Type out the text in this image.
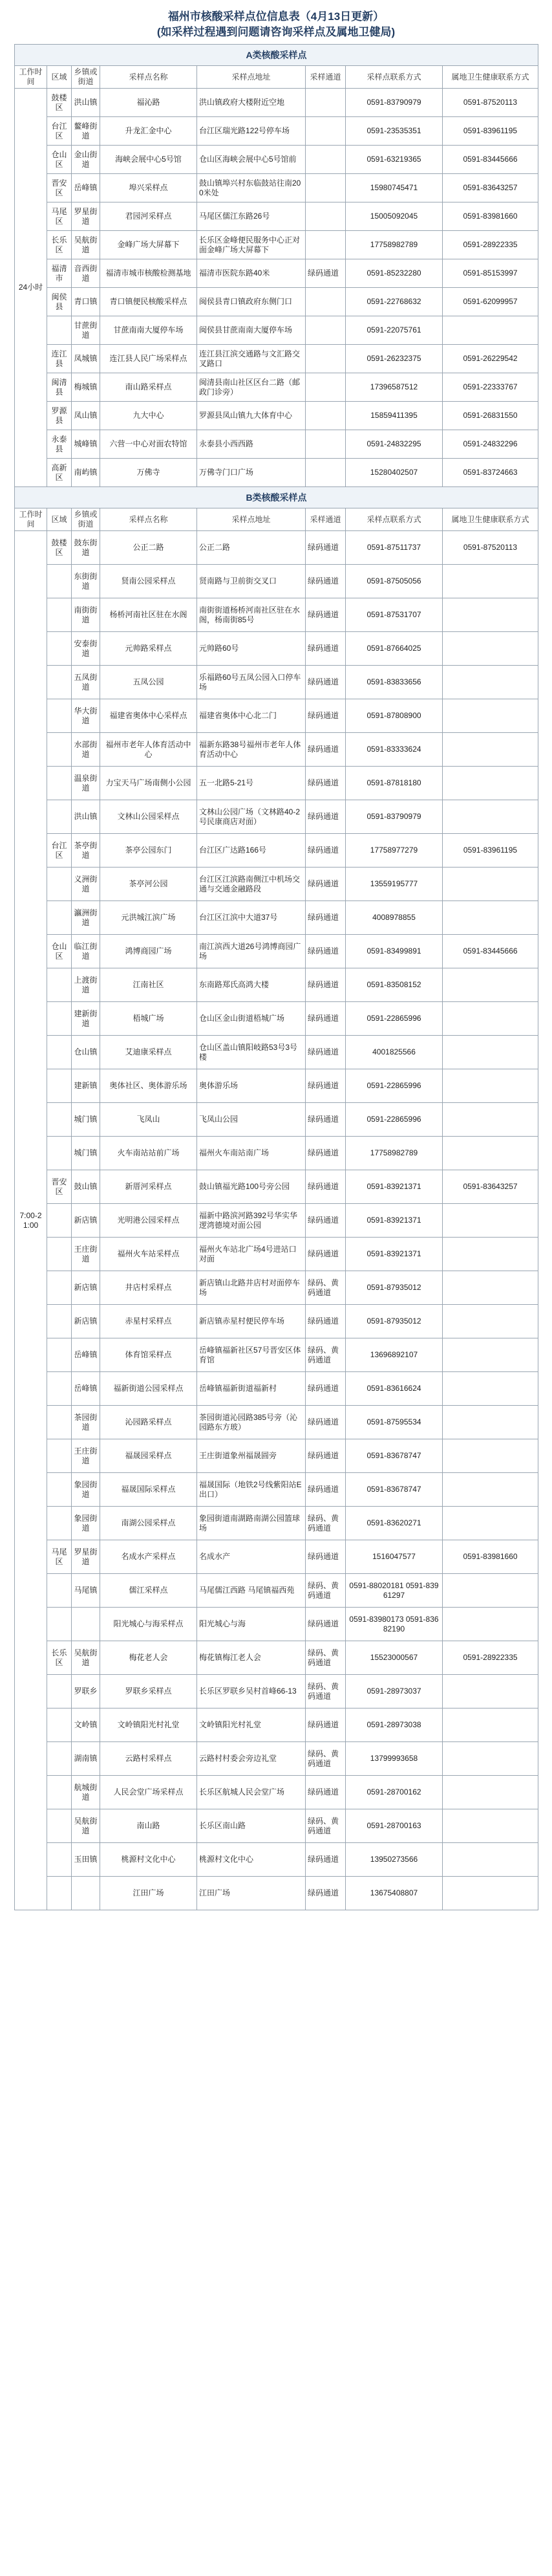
福州市核酸采样点位信息表（4月13日更新）
(如采样过程遇到问题请咨询采样点及属地卫健局)
A类核酸采样点							
工作时间	区域	乡镇或街道	采样点名称	采样点地址	采样通道	采样点联系方式	属地卫生健康联系方式
24小时	鼓楼区	洪山镇	福沁路	洪山镇政府大楼附近空地		0591-83790979	0591-87520113
	台江区	鳌峰街道	升龙汇金中心	台江区瑞光路122号停车场		0591-23535351	0591-83961195
	仓山区	金山街道	海峡会展中心5号馆	仓山区海峡会展中心5号馆前		0591-63219365	0591-83445666
	晋安区	岳峰镇	埠兴采样点	鼓山镇埠兴村东临鼓站往南200米处		15980745471	0591-83643257
	马尾区	罗星街道	君园河采样点	马尾区儒江东路26号		15005092045	0591-83981660
	长乐区	吴航街道	金峰广场大屏幕下	长乐区金峰便民服务中心正对面金峰广场大屏幕下		17758982789	0591-28922335
	福清市	音西街道	福清市城市核酸检测基地	福清市医院东路40米	绿码通道	0591-85232280	0591-85153997
	闽侯县	青口镇	青口镇便民核酸采样点	闽侯县青口镇政府东侧门口		0591-22768632	0591-62099957
		甘蔗街道	甘蔗南南大厦停车场	闽侯县甘蔗南南大厦停车场		0591-22075761	
	连江县	凤城镇	连江县人民广场采样点	连江县江滨交通路与文汇路交叉路口		0591-26232375	0591-26229542
	闽清县	梅城镇	南山路采样点	闽清县南山社区区台二路（邮政门诊旁）		17396587512	0591-22333767
	罗源县	凤山镇	九大中心	罗源县凤山镇九大体育中心		15859411395	0591-26831550
	永泰县	城峰镇	六营一中心对面农特馆	永泰县小西西路		0591-24832295	0591-24832296
	高新区	南屿镇	万佛寺	万佛寺门口广场		15280402507	0591-83724663
B类核酸采样点							
工作时间	区域	乡镇或街道	采样点名称	采样点地址	采样通道	采样点联系方式	属地卫生健康联系方式
7:00-21:00	鼓楼区	鼓东街道	公正二路	公正二路	绿码通道	0591-87511737	0591-87520113
		东街街道	贤南公园采样点	贤南路与卫前街交叉口	绿码通道	0591-87505056	
		南街街道	杨桥河南社区驻在水阁	南街街道杨桥河南社区驻在水阁，杨南街85号	绿码通道	0591-87531707	
		安泰街道	元帅路采样点	元帅路60号	绿码通道	0591-87664025	
		五凤街道	五凤公园	乐福路60号五凤公园入口停车场	绿码通道	0591-83833656	
		华大街道	福建省奥体中心采样点	福建省奥体中心北二门	绿码通道	0591-87808900	
		水部街道	福州市老年人体育活动中心	福新东路38号福州市老年人体育活动中心	绿码通道	0591-83333624	
		温泉街道	力宝天马广场南侧小公园	五一北路5-21号	绿码通道	0591-87818180	
		洪山镇	文林山公园采样点	文林山公园广场（文林路40-2号民康商店对面）	绿码通道	0591-83790979	
	台江区	茶亭街道	茶亭公园东门	台江区广达路166号	绿码通道	17758977279	0591-83961195
		义洲街道	茶亭河公园	台江区江滨路南侧江中机场交通与交通金融路段	绿码通道	13559195777	
		瀛洲街道	元洪城江滨广场	台江区江滨中大道37号	绿码通道	4008978855	
	仓山区	临江街道	鸿博商园广场	南江滨西大道26号鸿博商园广场	绿码通道	0591-83499891	0591-83445666
		上渡街道	江南社区	东南路郑氏高鸿大楼	绿码通道	0591-83508152	
		建新街道	梧城广场	仓山区金山街道梧城广场	绿码通道	0591-22865996	
		仓山镇	艾迪康采样点	仓山区盖山镇阳岐路53号3号楼	绿码通道	4001825566	
		建新镇	奥体社区、奥体游乐场	奥体游乐场	绿码通道	0591-22865996	
		城门镇	飞凤山	飞凤山公园	绿码通道	0591-22865996	
		城门镇	火车南站站前广场	福州火车南站南广场	绿码通道	17758982789	
	晋安区	鼓山镇	新厝河采样点	鼓山镇福光路100号旁公园	绿码通道	0591-83921371	0591-83643257
		新店镇	光明港公园采样点	福新中路滨河路392号华实华逻湾德境对面公园	绿码通道	0591-83921371	
		王庄街道	福州火车站采样点	福州火车站北广场4号进站口对面	绿码通道	0591-83921371	
		新店镇	井店村采样点	新店镇山北路井店村对面停车场	绿码、黄码通道	0591-87935012	
		新店镇	赤星村采样点	新店镇赤星村便民停车场	绿码通道	0591-87935012	
		岳峰镇	体育馆采样点	岳峰镇福新社区57号晋安区体育馆	绿码、黄码通道	13696892107	
		岳峰镇	福新街道公园采样点	岳峰镇福新街道福新村	绿码通道	0591-83616624	
		茶园街道	沁园路采样点	茶园街道沁园路385号旁（沁园路东方玻）	绿码通道	0591-87595534	
		王庄街道	福晟园采样点	王庄街道象州福晟圆旁	绿码通道	0591-83678747	
		象园街道	福晟国际采样点	福晟国际（地铁2号线紫阳站E出口）	绿码通道	0591-83678747	
		象园街道	南湖公园采样点	象园街道南湖路南湖公园篮球场	绿码、黄码通道	0591-83620271	
	马尾区	罗星街道	名成水产采样点	名成水产	绿码通道	1516047577	0591-83981660
		马尾镇	儒江采样点	马尾儒江西路 马尾镇福西苑	绿码、黄码通道	0591-88020181 0591-83961297	
			阳光城心与海采样点	阳光城心与海	绿码通道	0591-83980173 0591-83682190	
	长乐区	吴航街道	梅花老人会	梅花镇梅江老人会	绿码、黄码通道	15523000567	0591-28922335
		罗联乡	罗联乡采样点	长乐区罗联乡吴村首峰66-13	绿码、黄码通道	0591-28973037	
		文岭镇	文岭镇阳光村礼堂	文岭镇阳光村礼堂	绿码通道	0591-28973038	
		湖南镇	云路村采样点	云路村村委会旁边礼堂	绿码、黄码通道	13799993658	
		航城街道	人民会堂广场采样点	长乐区航城人民会堂广场	绿码通道	0591-28700162	
		吴航街道	南山路	长乐区南山路	绿码、黄码通道	0591-28700163	
		玉田镇	桃源村文化中心	桃源村文化中心	绿码通道	13950273566	
			江田广场	江田广场	绿码通道	13675408807	
